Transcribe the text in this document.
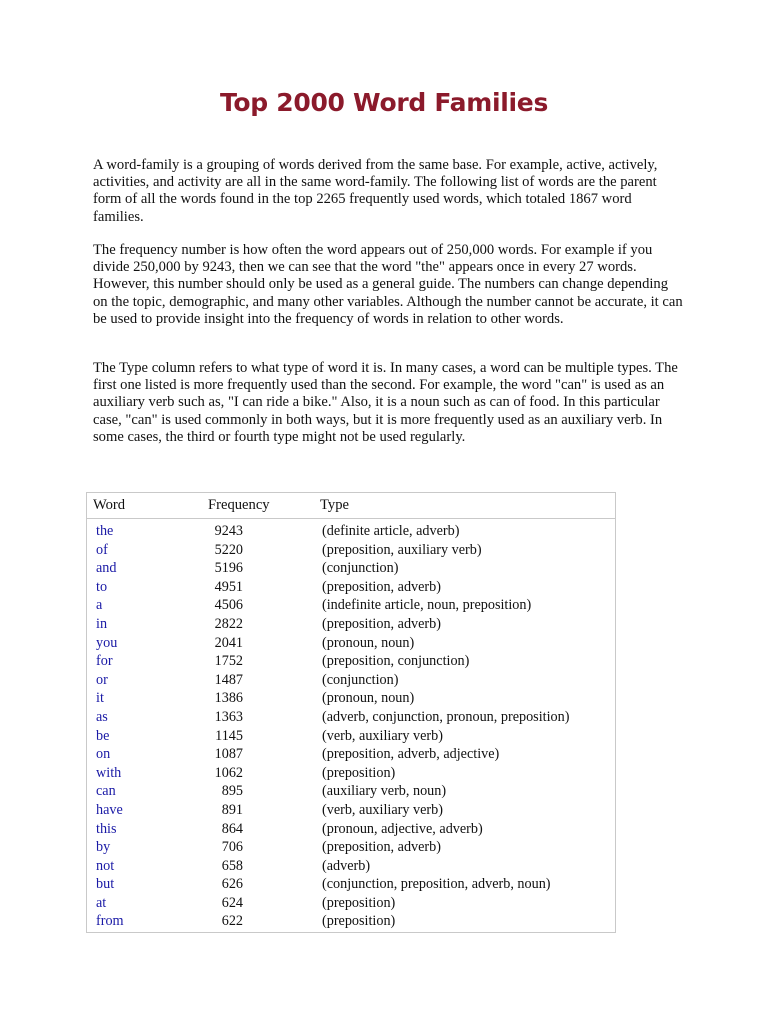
Top 2000 Word Families

A word-family is a grouping of words derived from the same base. For example, active, actively, activities, and activity are all in the same word-family. The following list of words are the parent form of all the words found in the top 2265 frequently used words, which totaled 1867 word families.

The frequency number is how often the word appears out of 250,000 words. For example if you divide 250,000 by 9243, then we can see that the word "the" appears once in every 27 words. However, this number should only be used as a general guide. The numbers can change depending on the topic, demographic, and many other variables. Although the number cannot be accurate, it can be used to provide insight into the frequency of words in relation to other words.

The Type column refers to what type of word it is. In many cases, a word can be multiple types. The first one listed is more frequently used than the second. For example, the word "can" is used as an auxiliary verb such as, "I can ride a bike." Also, it is a noun such as can of food. In this particular case, "can" is used commonly in both ways, but it is more frequently used as an auxiliary verb. In some cases, the third or fourth type might not be used regularly.

Word	Frequency	Type
the	9243	(definite article, adverb)
of	5220	(preposition, auxiliary verb)
and	5196	(conjunction)
to	4951	(preposition, adverb)
a	4506	(indefinite article, noun, preposition)
in	2822	(preposition, adverb)
you	2041	(pronoun, noun)
for	1752	(preposition, conjunction)
or	1487	(conjunction)
it	1386	(pronoun, noun)
as	1363	(adverb, conjunction, pronoun, preposition)
be	1145	(verb, auxiliary verb)
on	1087	(preposition, adverb, adjective)
with	1062	(preposition)
can	895	(auxiliary verb, noun)
have	891	(verb, auxiliary verb)
this	864	(pronoun, adjective, adverb)
by	706	(preposition, adverb)
not	658	(adverb)
but	626	(conjunction, preposition, adverb, noun)
at	624	(preposition)
from	622	(preposition)
